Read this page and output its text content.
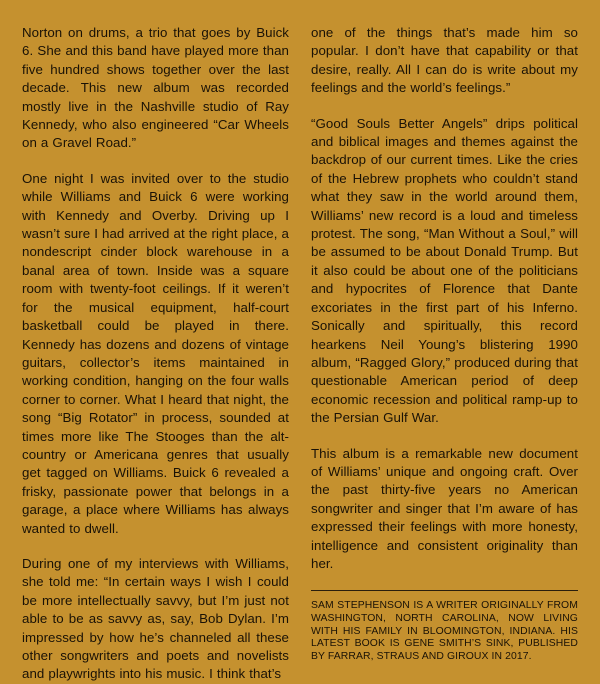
Norton on drums, a trio that goes by Buick 6. She and this band have played more than five hundred shows together over the last decade. This new album was recorded mostly live in the Nashville studio of Ray Kennedy, who also engineered “Car Wheels on a Gravel Road.”

One night I was invited over to the studio while Williams and Buick 6 were working with Kennedy and Overby. Driving up I wasn’t sure I had arrived at the right place, a nondescript cinder block warehouse in a banal area of town. Inside was a square room with twenty-foot ceilings. If it weren’t for the musical equipment, half-court basketball could be played in there. Kennedy has dozens and dozens of vintage guitars, collector’s items maintained in working condition, hanging on the four walls corner to corner. What I heard that night, the song “Big Rotator” in process, sounded at times more like The Stooges than the alt-country or Americana genres that usually get tagged on Williams. Buick 6 revealed a frisky, passionate power that belongs in a garage, a place where Williams has always wanted to dwell.

During one of my interviews with Williams, she told me: “In certain ways I wish I could be more intellectually savvy, but I’m just not able to be as savvy as, say, Bob Dylan. I’m impressed by how he’s channeled all these other songwriters and poets and novelists and playwrights into his music. I think that’s

one of the things that’s made him so popular. I don’t have that capability or that desire, really. All I can do is write about my feelings and the world’s feelings.”

“Good Souls Better Angels” drips political and biblical images and themes against the backdrop of our current times. Like the cries of the Hebrew prophets who couldn’t stand what they saw in the world around them, Williams’ new record is a loud and timeless protest. The song, “Man Without a Soul,” will be assumed to be about Donald Trump. But it also could be about one of the politicians and hypocrites of Florence that Dante excoriates in the first part of his Inferno. Sonically and spiritually, this record hearkens Neil Young’s blistering 1990 album, “Ragged Glory,” produced during that questionable American period of deep economic recession and political ramp-up to the Persian Gulf War.

This album is a remarkable new document of Williams’ unique and ongoing craft. Over the past thirty-five years no American songwriter and singer that I’m aware of has expressed their feelings with more honesty, intelligence and consistent originality than her.

SAM STEPHENSON IS A WRITER ORIGINALLY FROM WASHINGTON, NORTH CAROLINA, NOW LIVING WITH HIS FAMILY IN BLOOMINGTON, INDIANA. HIS LATEST BOOK IS GENE SMITH’S SINK, PUBLISHED BY FARRAR, STRAUS AND GIROUX IN 2017.
